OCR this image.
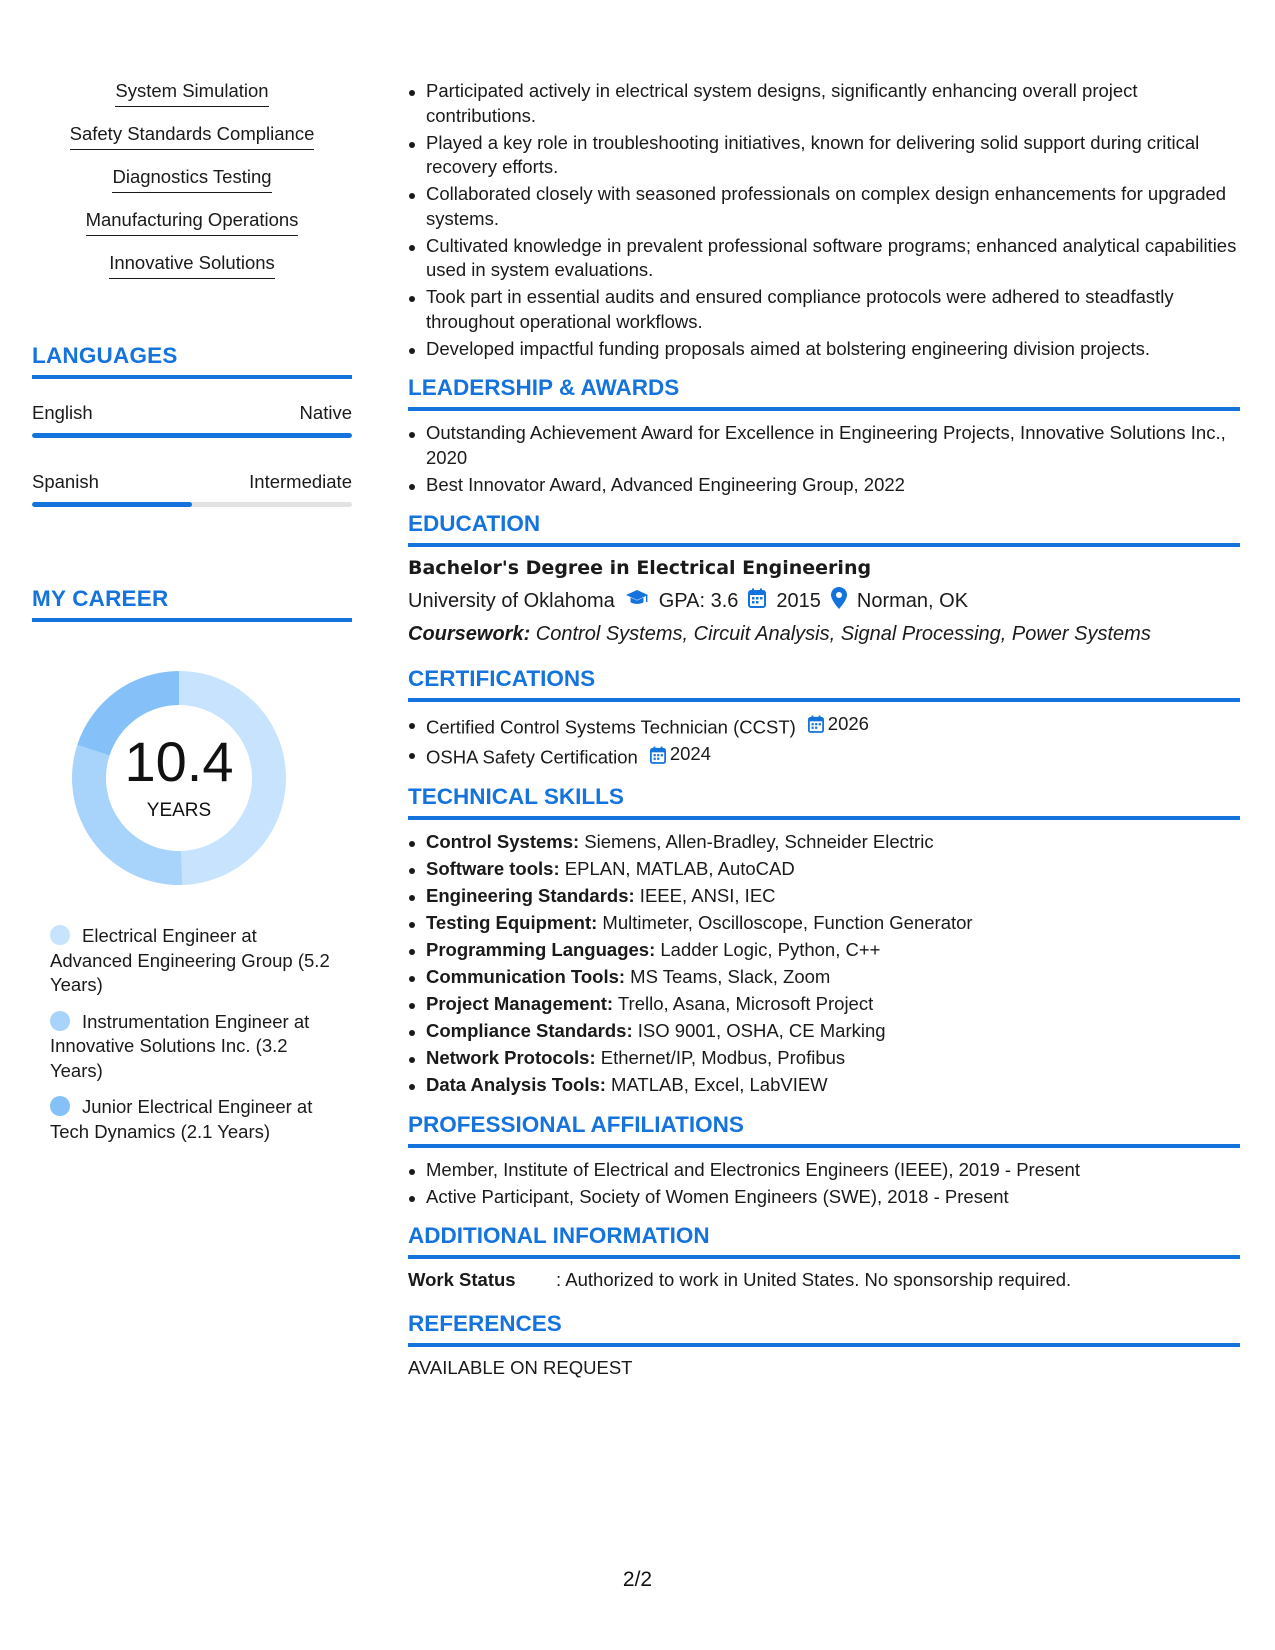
System Simulation
Safety Standards Compliance
Diagnostics Testing
Manufacturing Operations
Innovative Solutions
LANGUAGES
English	Native
Spanish	Intermediate
MY CAREER
10.4
YEARS
Electrical Engineer at Advanced Engineering Group (5.2 Years)
Instrumentation Engineer at Innovative Solutions Inc. (3.2 Years)
Junior Electrical Engineer at Tech Dynamics (2.1 Years)
Participated actively in electrical system designs, significantly enhancing overall project contributions.
Played a key role in troubleshooting initiatives, known for delivering solid support during critical recovery efforts.
Collaborated closely with seasoned professionals on complex design enhancements for upgraded systems.
Cultivated knowledge in prevalent professional software programs; enhanced analytical capabilities used in system evaluations.
Took part in essential audits and ensured compliance protocols were adhered to steadfastly throughout operational workflows.
Developed impactful funding proposals aimed at bolstering engineering division projects.
LEADERSHIP & AWARDS
Outstanding Achievement Award for Excellence in Engineering Projects, Innovative Solutions Inc., 2020
Best Innovator Award, Advanced Engineering Group, 2022
EDUCATION
Bachelor's Degree in Electrical Engineering
University of Oklahoma GPA: 3.6 2015 Norman, OK
Coursework: Control Systems, Circuit Analysis, Signal Processing, Power Systems
CERTIFICATIONS
Certified Control Systems Technician (CCST) 2026
OSHA Safety Certification 2024
TECHNICAL SKILLS
Control Systems: Siemens, Allen-Bradley, Schneider Electric
Software tools: EPLAN, MATLAB, AutoCAD
Engineering Standards: IEEE, ANSI, IEC
Testing Equipment: Multimeter, Oscilloscope, Function Generator
Programming Languages: Ladder Logic, Python, C++
Communication Tools: MS Teams, Slack, Zoom
Project Management: Trello, Asana, Microsoft Project
Compliance Standards: ISO 9001, OSHA, CE Marking
Network Protocols: Ethernet/IP, Modbus, Profibus
Data Analysis Tools: MATLAB, Excel, LabVIEW
PROFESSIONAL AFFILIATIONS
Member, Institute of Electrical and Electronics Engineers (IEEE), 2019 - Present
Active Participant, Society of Women Engineers (SWE), 2018 - Present
ADDITIONAL INFORMATION
Work Status	: Authorized to work in United States. No sponsorship required.
REFERENCES
AVAILABLE ON REQUEST
2/2
